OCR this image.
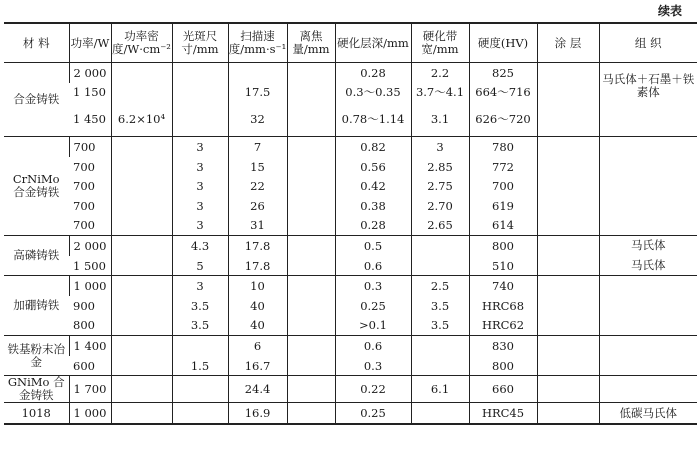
续表
材 料	功率/W	功率密度/W·cm⁻²	光斑尺寸/mm	扫描速度/mm·s⁻¹	离焦量/mm	硬化层深/mm	硬化带宽/mm	硬度(HV)	涂 层	组 织
合金铸铁	2 000					0.28	2.2	825		马氏体＋石墨＋铁素体
	1 150			17.5		0.3～0.35	3.7～4.1	664～716		
	1 450	6.2×10⁴		32		0.78～1.14	3.1	626～720		
CrNiMo 合金铸铁	700		3	7		0.82	3	780		
	700		3	15		0.56	2.85	772		
	700		3	22		0.42	2.75	700		
	700		3	26		0.38	2.70	619		
	700		3	31		0.28	2.65	614		
高磷铸铁	2 000		4.3	17.8		0.5		800		马氏体
	1 500		5	17.8		0.6		510		马氏体
加硼铸铁	1 000		3	10		0.3	2.5	740		
	900		3.5	40		0.25	3.5	HRC68		
	800		3.5	40		>0.1	3.5	HRC62		
铁基粉末冶金	1 400			6		0.6		830		
	600		1.5	16.7		0.3		800		
GNiMo 合金铸铁	1 700			24.4		0.22	6.1	660		
1018	1 000			16.9		0.25		HRC45		低碳马氏体
